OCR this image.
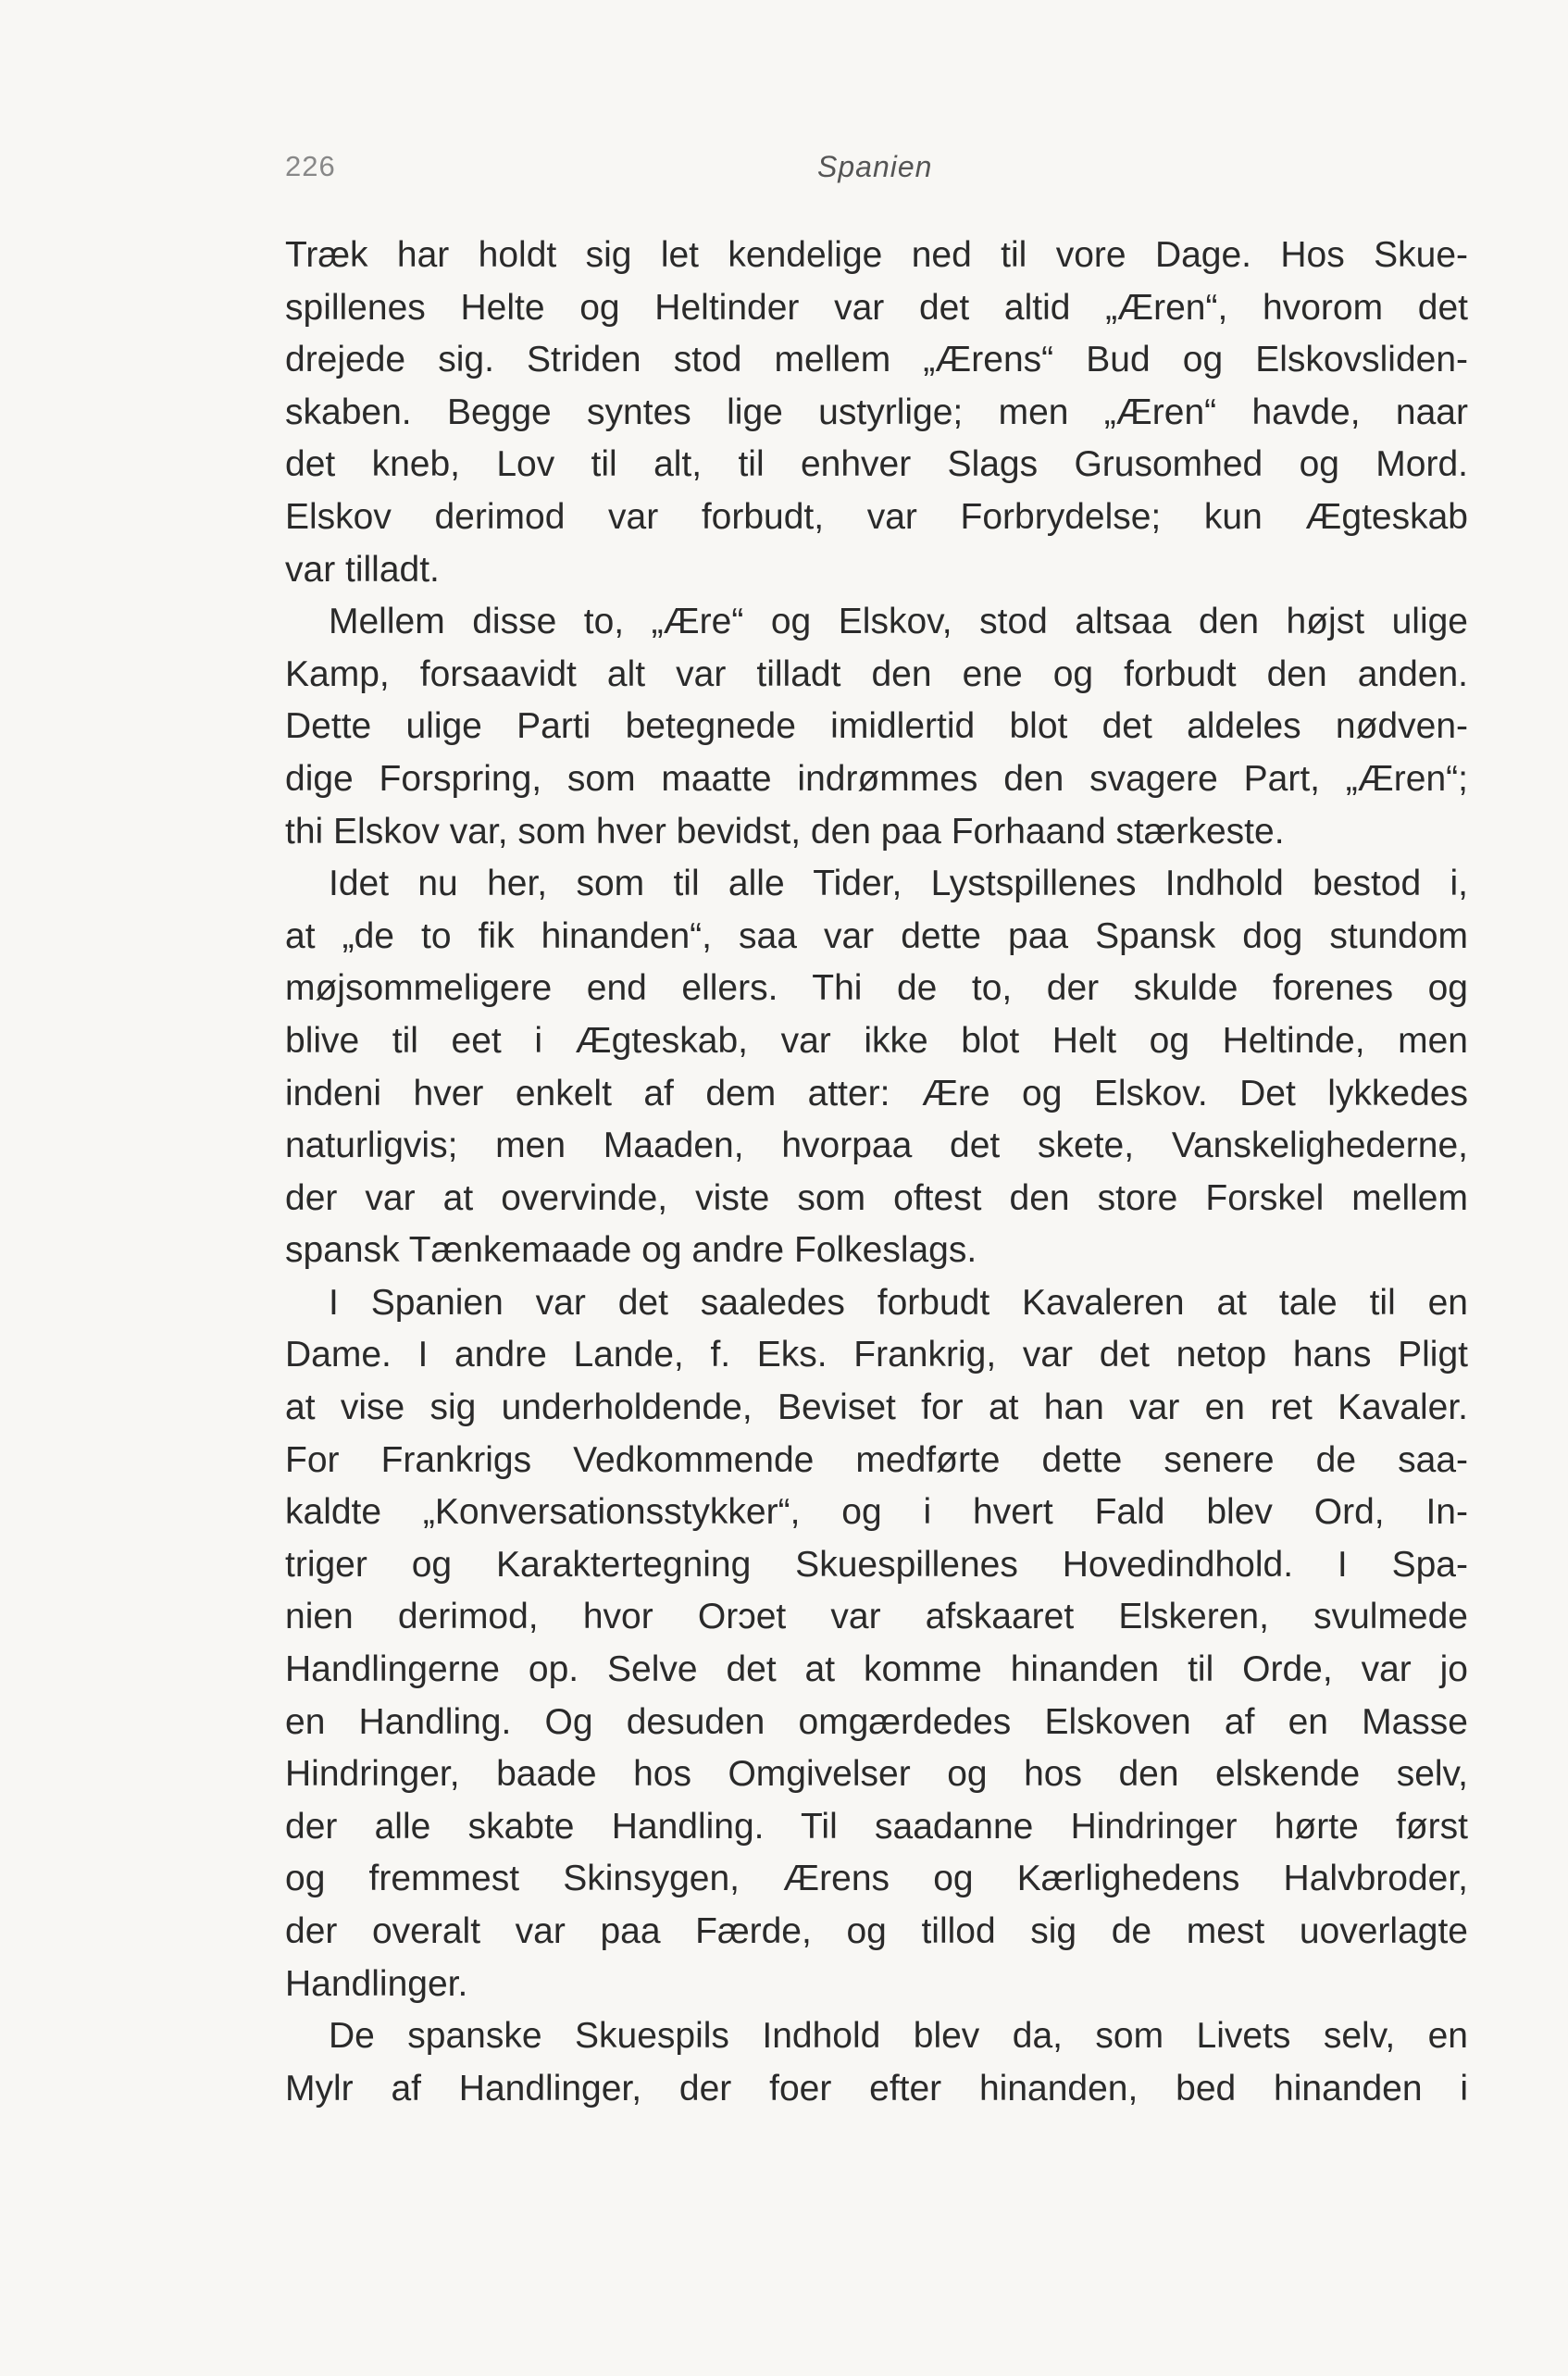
226	Spanien
Træk har holdt sig let kendelige ned til vore Dage. Hos Skue-
spillenes Helte og Heltinder var det altid „Æren“, hvorom det
drejede sig. Striden stod mellem „Ærens“ Bud og Elskovsliden-
skaben. Begge syntes lige ustyrlige; men „Æren“ havde, naar
det kneb, Lov til alt, til enhver Slags Grusomhed og Mord.
Elskov derimod var forbudt, var Forbrydelse; kun Ægteskab
var tilladt.
Mellem disse to, „Ære“ og Elskov, stod altsaa den højst ulige
Kamp, forsaavidt alt var tilladt den ene og forbudt den anden.
Dette ulige Parti betegnede imidlertid blot det aldeles nødven-
dige Forspring, som maatte indrømmes den svagere Part, „Æren“;
thi Elskov var, som hver bevidst, den paa Forhaand stærkeste.
Idet nu her, som til alle Tider, Lystspillenes Indhold bestod i,
at „de to fik hinanden“, saa var dette paa Spansk dog stundom
møjsommeligere end ellers. Thi de to, der skulde forenes og
blive til eet i Ægteskab, var ikke blot Helt og Heltinde, men
indeni hver enkelt af dem atter: Ære og Elskov. Det lykkedes
naturligvis; men Maaden, hvorpaa det skete, Vanskelighederne,
der var at overvinde, viste som oftest den store Forskel mellem
spansk Tænkemaade og andre Folkeslags.
I Spanien var det saaledes forbudt Kavaleren at tale til en
Dame. I andre Lande, f. Eks. Frankrig, var det netop hans Pligt
at vise sig underholdende, Beviset for at han var en ret Kavaler.
For Frankrigs Vedkommende medførte dette senere de saa-
kaldte „Konversationsstykker“, og i hvert Fald blev Ord, In-
triger og Karaktertegning Skuespillenes Hovedindhold. I Spa-
nien derimod, hvor Orɔet var afskaaret Elskeren, svulmede
Handlingerne op. Selve det at komme hinanden til Orde, var jo
en Handling. Og desuden omgærdedes Elskoven af en Masse
Hindringer, baade hos Omgivelser og hos den elskende selv,
der alle skabte Handling. Til saadanne Hindringer hørte først
og fremmest Skinsygen, Ærens og Kærlighedens Halvbroder,
der overalt var paa Færde, og tillod sig de mest uoverlagte
Handlinger.
De spanske Skuespils Indhold blev da, som Livets selv, en
Mylr af Handlinger, der foer efter hinanden, bed hinanden i
